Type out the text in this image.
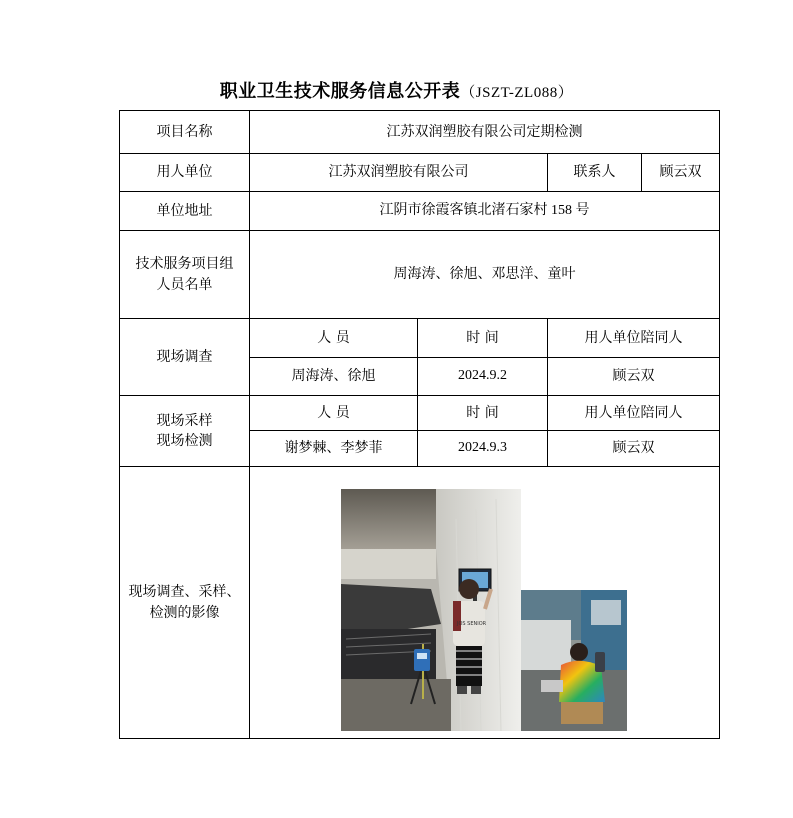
职业卫生技术服务信息公开表（JSZT-ZL088）
项目名称	江苏双润塑胶有限公司定期检测			
用人单位	江苏双润塑胶有限公司		联系人	顾云双
单位地址	江阴市徐霞客镇北渚石家村 158 号			

技术服务项目组
人员名单	周海涛、徐旭、邓思洋、童叶			
现场调查	人 员	时 间	用人单位陪同人	
	周海涛、徐旭	2024.9.2	顾云双	

现场采样
现场检测	人 员	时 间	用人单位陪同人	
	谢梦棘、李梦菲	2024.9.3	顾云双	

现场调查、采样、
检测的影像	JOS SENIOR			
